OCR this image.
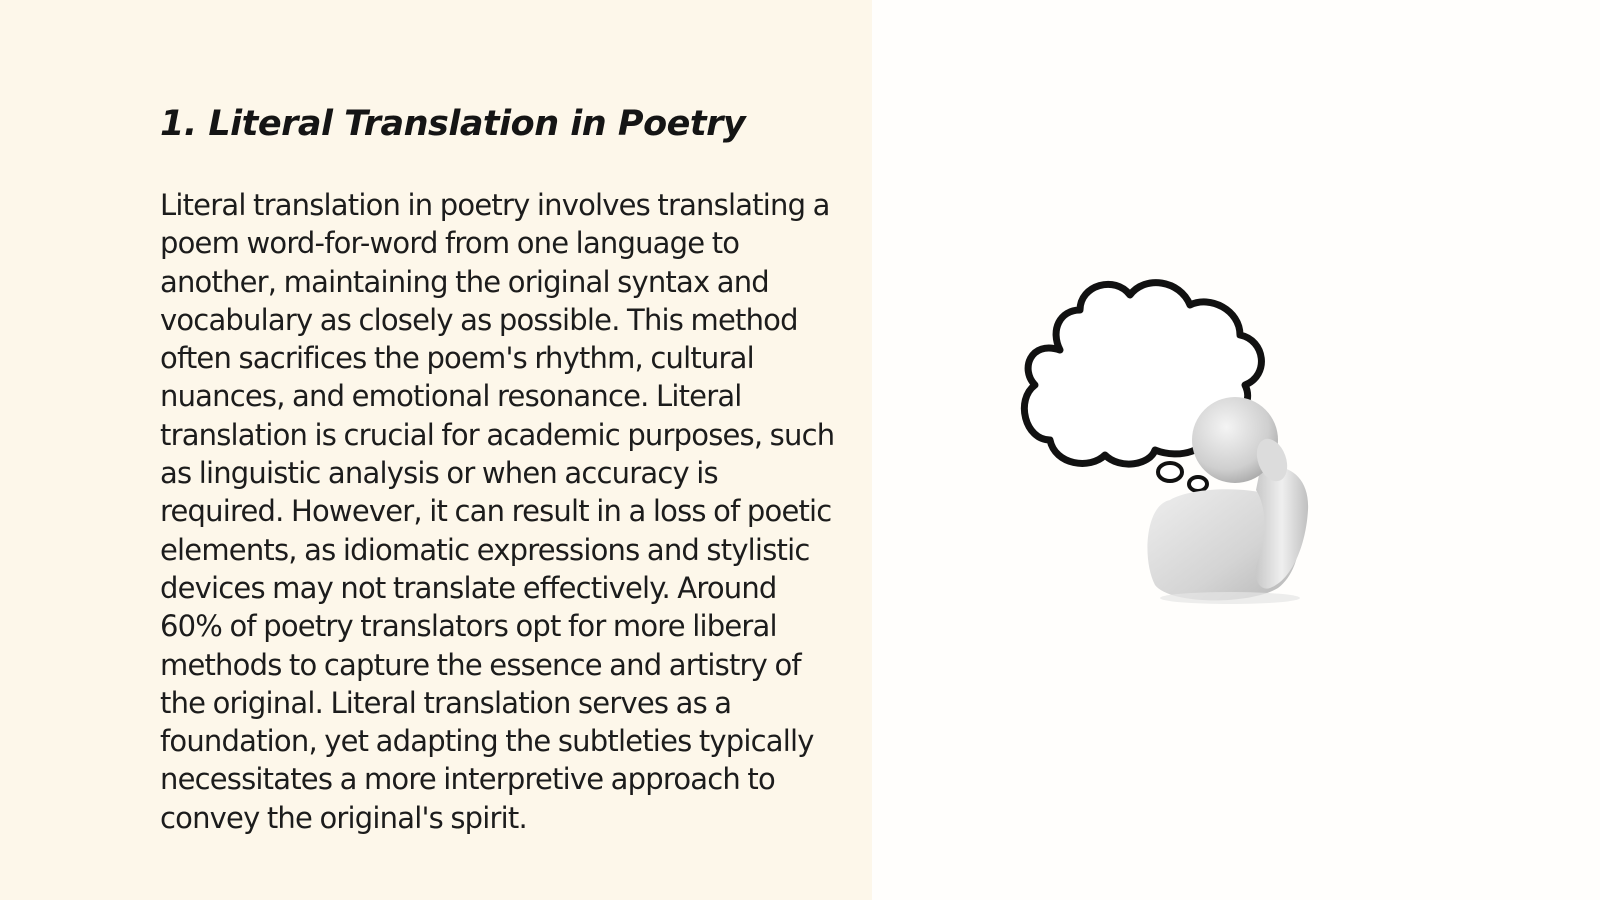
1. Literal Translation in Poetry

Literal translation in poetry involves translating a poem word-for-word from one language to another, maintaining the original syntax and vocabulary as closely as possible. This method often sacrifices the poem's rhythm, cultural nuances, and emotional resonance. Literal translation is crucial for academic purposes, such as linguistic analysis or when accuracy is required. However, it can result in a loss of poetic elements, as idiomatic expressions and stylistic devices may not translate effectively. Around 60% of poetry translators opt for more liberal methods to capture the essence and artistry of the original. Literal translation serves as a foundation, yet adapting the subtleties typically necessitates a more interpretive approach to convey the original's spirit.
